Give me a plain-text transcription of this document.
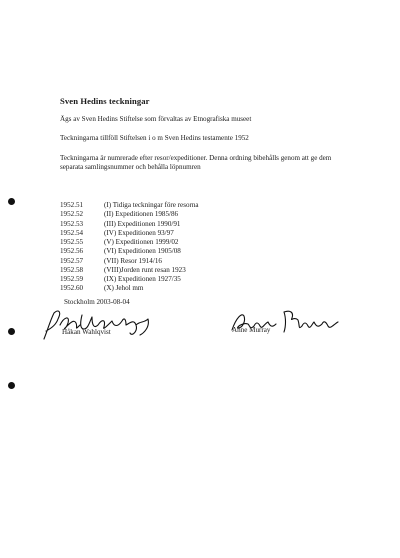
Sven Hedins teckningar
Ägs av Sven Hedins Stiftelse som förvaltas av Etnografiska museet
Teckningarna tillföll Stiftelsen i o m Sven Hedins testamente 1952
Teckningarna är numrerade efter resor/expeditioner. Denna ordning bibehålls genom att ge dem separata samlingsnummer och behålla löpnumren
1952.51	(I) Tidiga teckningar före resorna
1952.52	(II) Expeditionen 1985/86
1952.53	(III) Expeditionen 1990/91
1952.54	(IV) Expeditionen 93/97
1952.55	(V) Expeditionen 1999/02
1952.56	(VI) Expeditionen 1905/08
1952.57	(VII) Resor 1914/16
1952.58	(VIII)Jorden runt resan 1923
1952.59	(IX) Expeditionen 1927/35
1952.60	(X) Jehol mm
Stockholm 2003-08-04
Håkan Wahlqvist	Anne Murray
